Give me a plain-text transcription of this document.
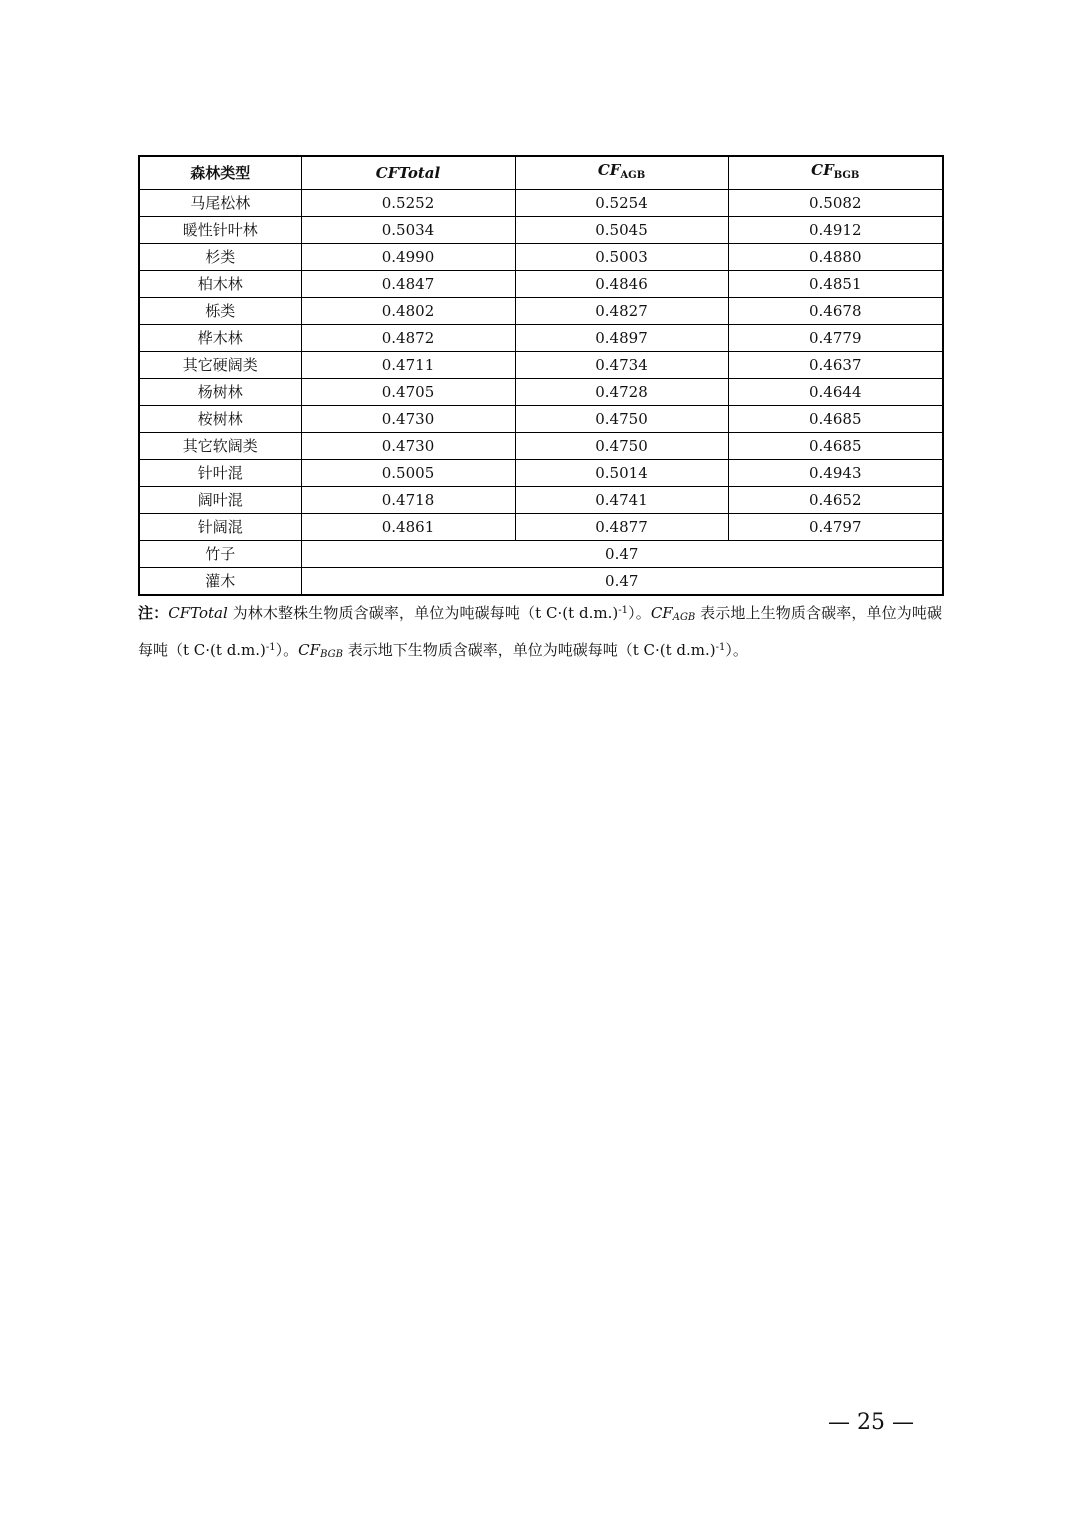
森林类型	CFTotal	$CF_{AGB}$	$CF_{BGB}$
马尾松林	0.5252	0.5254	0.5082
暖性针叶林	0.5034	0.5045	0.4912
杉类	0.4990	0.5003	0.4880
柏木林	0.4847	0.4846	0.4851
栎类	0.4802	0.4827	0.4678
桦木林	0.4872	0.4897	0.4779
其它硬阔类	0.4711	0.4734	0.4637
杨树林	0.4705	0.4728	0.4644
桉树林	0.4730	0.4750	0.4685
其它软阔类	0.4730	0.4750	0.4685
针叶混	0.5005	0.5014	0.4943
阔叶混	0.4718	0.4741	0.4652
针阔混	0.4861	0.4877	0.4797
竹子	0.47		
灌木	0.47		
注：CFTotal 为林木整株生物质含碳率，单位为吨碳每吨（t C·(t d.m.)$^{-1}$）。$CF_{AGB}$ 表示地上生物质含碳率，单位为吨碳每吨（t C·(t d.m.)$^{-1}$）。$CF_{BGB}$ 表示地下生物质含碳率，单位为吨碳每吨（t C·(t d.m.)$^{-1}$）。
— 25 —
